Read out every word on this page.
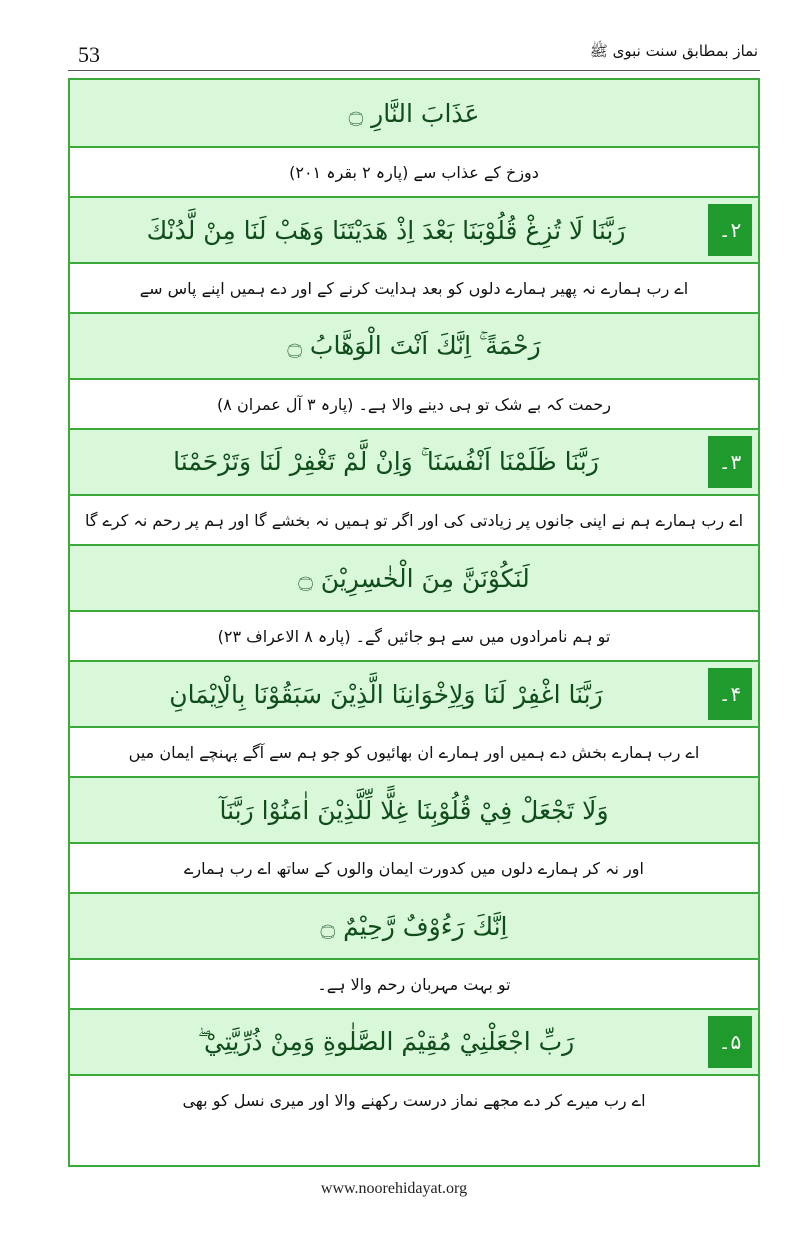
53	نماز بمطابق سنت نبوی ﷺ
عَذَابَ النَّارِ ۝
دوزخ کے عذاب سے (پارہ ۲ بقرہ ۲۰۱)
۲۔
رَبَّنَا لَا تُزِغْ قُلُوْبَنَا بَعْدَ اِذْ هَدَيْتَنَا وَهَبْ لَنَا مِنْ لَّدُنْكَ
اے رب ہمارے نہ پھیر ہمارے دلوں کو بعد ہدایت کرنے کے اور دے ہمیں اپنے پاس سے
رَحْمَةً ۚ اِنَّكَ اَنْتَ الْوَهَّابُ ۝
رحمت کہ بے شک تو ہی دینے والا ہے۔ (پارہ ۳ آل عمران ۸)
۳۔
رَبَّنَا ظَلَمْنَا اَنْفُسَنَا ۚ وَاِنْ لَّمْ تَغْفِرْ لَنَا وَتَرْحَمْنَا
اے رب ہمارے ہم نے اپنی جانوں پر زیادتی کی اور اگر تو ہمیں نہ بخشے گا اور ہم پر رحم نہ کرے گا
لَنَكُوْنَنَّ مِنَ الْخٰسِرِيْنَ ۝
تو ہم نامرادوں میں سے ہو جائیں گے۔ (پارہ ۸ الاعراف ۲۳)
۴۔
رَبَّنَا اغْفِرْ لَنَا وَلِاِخْوَانِنَا الَّذِيْنَ سَبَقُوْنَا بِالْاِيْمَانِ
اے رب ہمارے بخش دے ہمیں اور ہمارے ان بھائیوں کو جو ہم سے آگے پہنچے ایمان میں
وَلَا تَجْعَلْ فِيْ قُلُوْبِنَا غِلًّا لِّلَّذِيْنَ اٰمَنُوْا رَبَّنَآ
اور نہ کر ہمارے دلوں میں کدورت ایمان والوں کے ساتھ اے رب ہمارے
اِنَّكَ رَءُوْفٌ رَّحِيْمٌ ۝
تو بہت مہربان رحم والا ہے۔
۵۔
رَبِّ اجْعَلْنِيْ مُقِيْمَ الصَّلٰوةِ وَمِنْ ذُرِّيَّتِيْ ۖ
اے رب میرے کر دے مجھے نماز درست رکھنے والا اور میری نسل کو بھی
www.noorehidayat.org
